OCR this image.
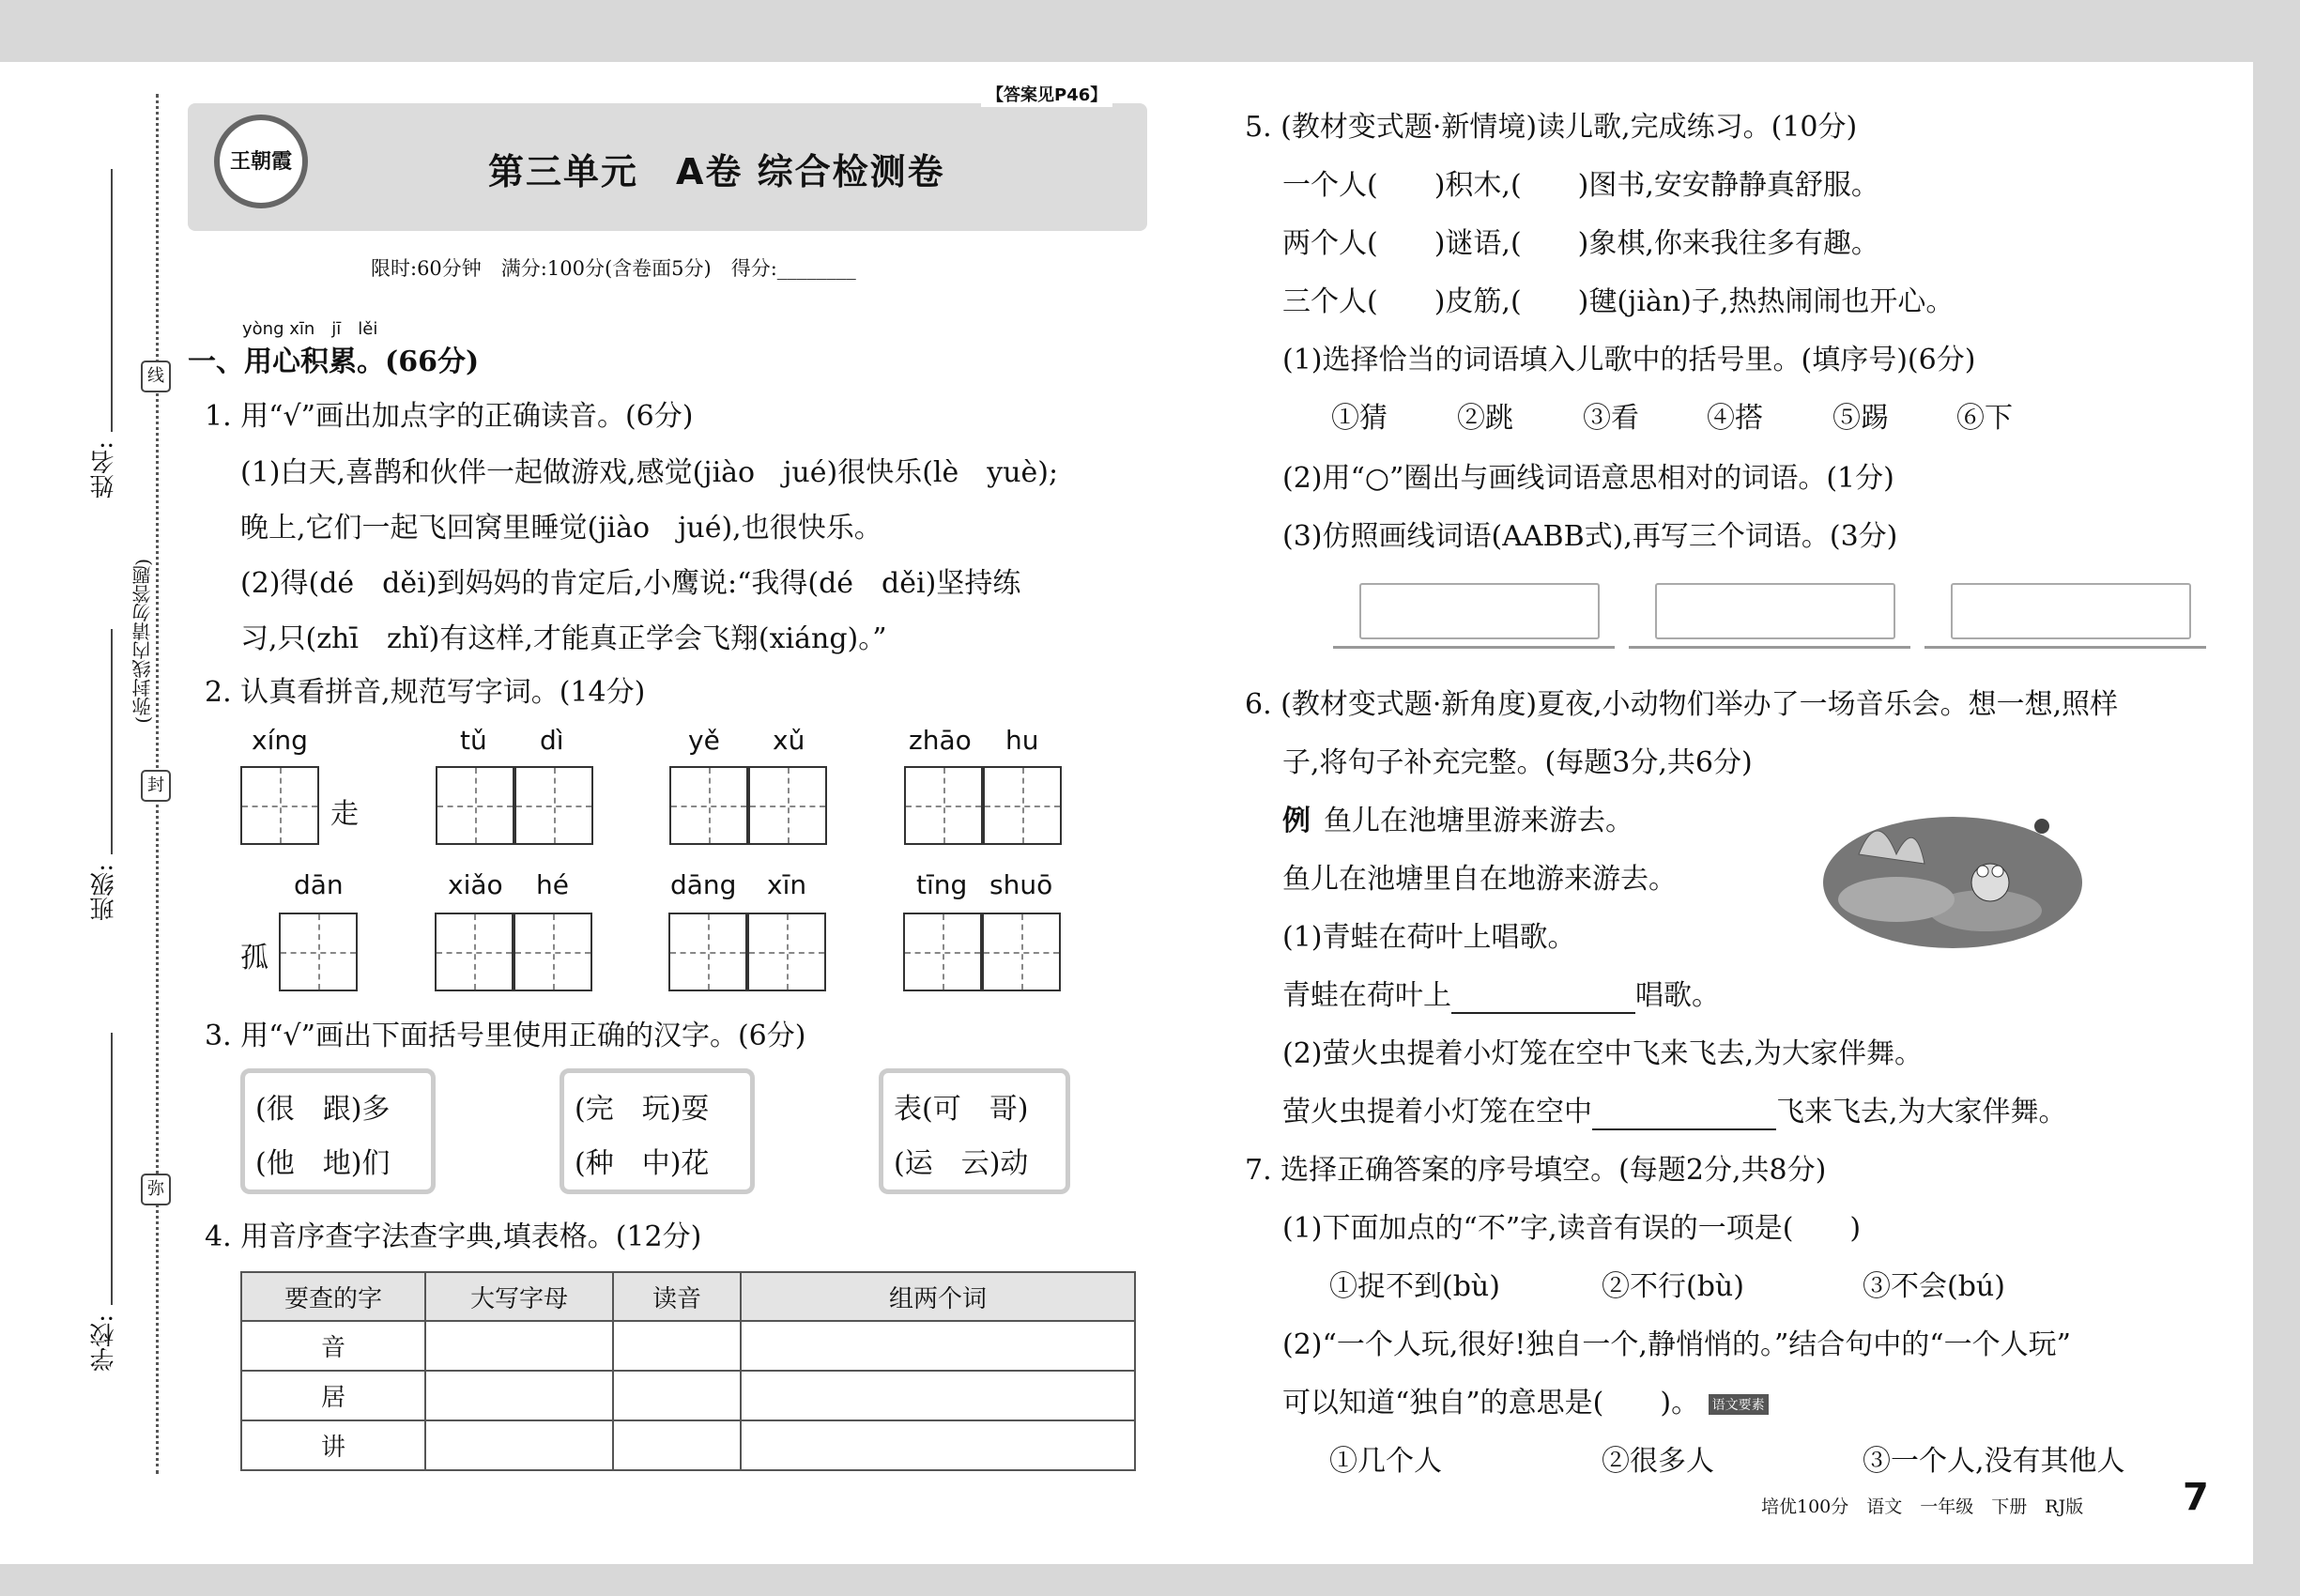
姓名:
班级:
学校:
线
(弥封线内请勿答题)
封
弥
王朝霞
【答案见P46】
第三单元　A卷 综合检测卷
限时:60分钟　满分:100分(含卷面5分)　得分:________
yòng xīn　jī　lěi
一、用心积累。(66分)
1. 用“√”画出加点字的正确读音。(6分)
(1)白天,喜鹊和伙伴一起做游戏,感觉(jiào　jué)很快乐(lè　yuè);
晚上,它们一起飞回窝里睡觉(jiào　jué),也很快乐。
(2)得(dé　děi)到妈妈的肯定后,小鹰说:“我得(dé　děi)坚持练
习,只(zhī　zhǐ)有这样,才能真正学会飞翔(xiáng)。”
2. 认真看拼音,规范写字词。(14分)
xíng
走
tǔ dì	yě xǔ	zhāo hu
dān
孤
xiǎo hé	dāng xīn	tīng shuō
3. 用“√”画出下面括号里使用正确的汉字。(6分)
(很　跟)多
(他　地)们
(完　玩)耍
(种　中)花
表(可　哥)
(运　云)动
4. 用音序查字法查字典,填表格。(12分)
要查的字	大写字母	读音	组两个词
音			
居			
讲			
5. (教材变式题·新情境)读儿歌,完成练习。(10分)
一个人(　　)积木,(　　)图书,安安静静真舒服。
两个人(　　)谜语,(　　)象棋,你来我往多有趣。
三个人(　　)皮筋,(　　)毽(jiàn)子,热热闹闹也开心。
(1)选择恰当的词语填入儿歌中的括号里。(填序号)(6分)
①猜 ②跳 ③看 ④搭 ⑤踢 ⑥下
(2)用“○”圈出与画线词语意思相对的词语。(1分)
(3)仿照画线词语(AABB式),再写三个词语。(3分)
6. (教材变式题·新角度)夏夜,小动物们举办了一场音乐会。想一想,照样
子,将句子补充完整。(每题3分,共6分)
例 鱼儿在池塘里游来游去。
鱼儿在池塘里自在地游来游去。
(1)青蛙在荷叶上唱歌。
青蛙在荷叶上	唱歌。
(2)萤火虫提着小灯笼在空中飞来飞去,为大家伴舞。
萤火虫提着小灯笼在空中	飞来飞去,为大家伴舞。
7. 选择正确答案的序号填空。(每题2分,共8分)
(1)下面加点的“不”字,读音有误的一项是(　　)
①捉不到(bù)	②不行(bù)	③不会(bú)
(2)“一个人玩,很好!独自一个,静悄悄的。”结合句中的“一个人玩”
可以知道“独自”的意思是(　　)。 语文要素
①几个人	②很多人	③一个人,没有其他人
培优100分　语文　一年级　下册　RJ版	7
